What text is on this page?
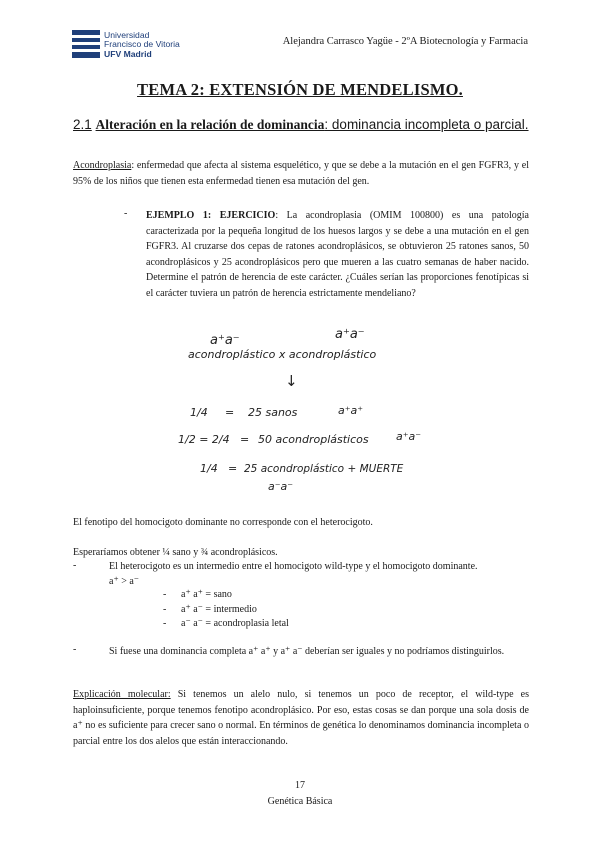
Universidad
Francisco de Vitoria
UFV Madrid
Alejandra Carrasco Yagüe - 2ºA Biotecnología y Farmacia
TEMA 2: EXTENSIÓN DE MENDELISMO.
2.1 Alteración en la relación de dominancia: dominancia incompleta o parcial.
Acondroplasia: enfermedad que afecta al sistema esquelético, y que se debe a la mutación en el gen FGFR3, y el 95% de los niños que tienen esta enfermedad tienen esa mutación del gen.
- EJEMPLO 1: EJERCICIO: La acondroplasia (OMIM 100800) es una patología caracterizada por la pequeña longitud de los huesos largos y se debe a una mutación en el gen FGFR3. Al cruzarse dos cepas de ratones acondroplásicos, se obtuvieron 25 ratones sanos, 50 acondroplásicos y 25 acondroplásicos pero que mueren a las cuatro semanas de haber nacido. Determine el patrón de herencia de este carácter. ¿Cuáles serían las proporciones fenotípicas si el carácter tuviera un patrón de herencia estrictamente mendeliano?
a⁺a⁻	a⁺a⁻
acondroplástico x acondroplástico
↓
1/4 = 25 sanos	a⁺a⁺
1/2 = 2/4 = 50 acondroplásticos a⁺a⁻
1/4 = 25 acondroplástico + MUERTE
a⁻a⁻
El fenotipo del homocigoto dominante no corresponde con el heterocigoto.
Esperaríamos obtener ¼ sano y ¾ acondroplásicos.
-	El heterocigoto es un intermedio entre el homocigoto wild-type y el homocigoto dominante.
a⁺ > a⁻
- a⁺ a⁺ = sano
- a⁺ a⁻ = intermedio
- a⁻ a⁻ = acondroplasia letal
-	Si fuese una dominancia completa a⁺ a⁺ y a⁺ a⁻ deberían ser iguales y no podríamos distinguirlos.
Explicación molecular: Si tenemos un alelo nulo, si tenemos un poco de receptor, el wild-type es haploinsuficiente, porque tenemos fenotipo acondroplásico. Por eso, estas cosas se dan porque una sola dosis de a⁺ no es suficiente para crecer sano o normal. En términos de genética lo denominamos dominancia incompleta o parcial entre los dos alelos que están interaccionando.
17
Genética Básica
